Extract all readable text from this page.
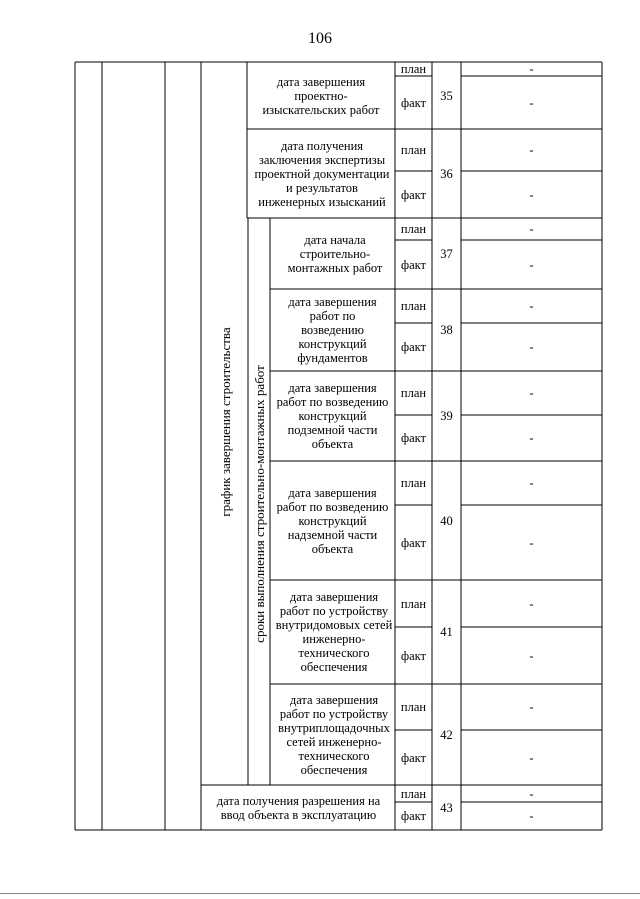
106
график завершения строительства	сроки выполнения строительно-монтажных работ
дата завершения проектно-изыскательских работ
план
факт	35
-
-
дата получения заключения экспертизы проектной документации и результатов инженерных изысканий
план
факт
36
-
-
дата начала строительно-монтажных работ
план
факт
37
-
-
дата завершения работ по возведению конструкций фундаментов
план
факт
38
-
-
дата завершения работ по возведению конструкций подземной части объекта
план
факт
39
-
-
дата завершения работ по возведению конструкций надземной части объекта
план
факт
40
-
-
дата завершения работ по устройству внутридомовых сетей инженерно-технического обеспечения
план
факт
41
-
-
дата завершения работ по устройству внутриплощадочных сетей инженерно-технического обеспечения
план
факт
42
-
-
дата получения разрешения на ввод объекта в эксплуатацию
план
факт
43
-
-
